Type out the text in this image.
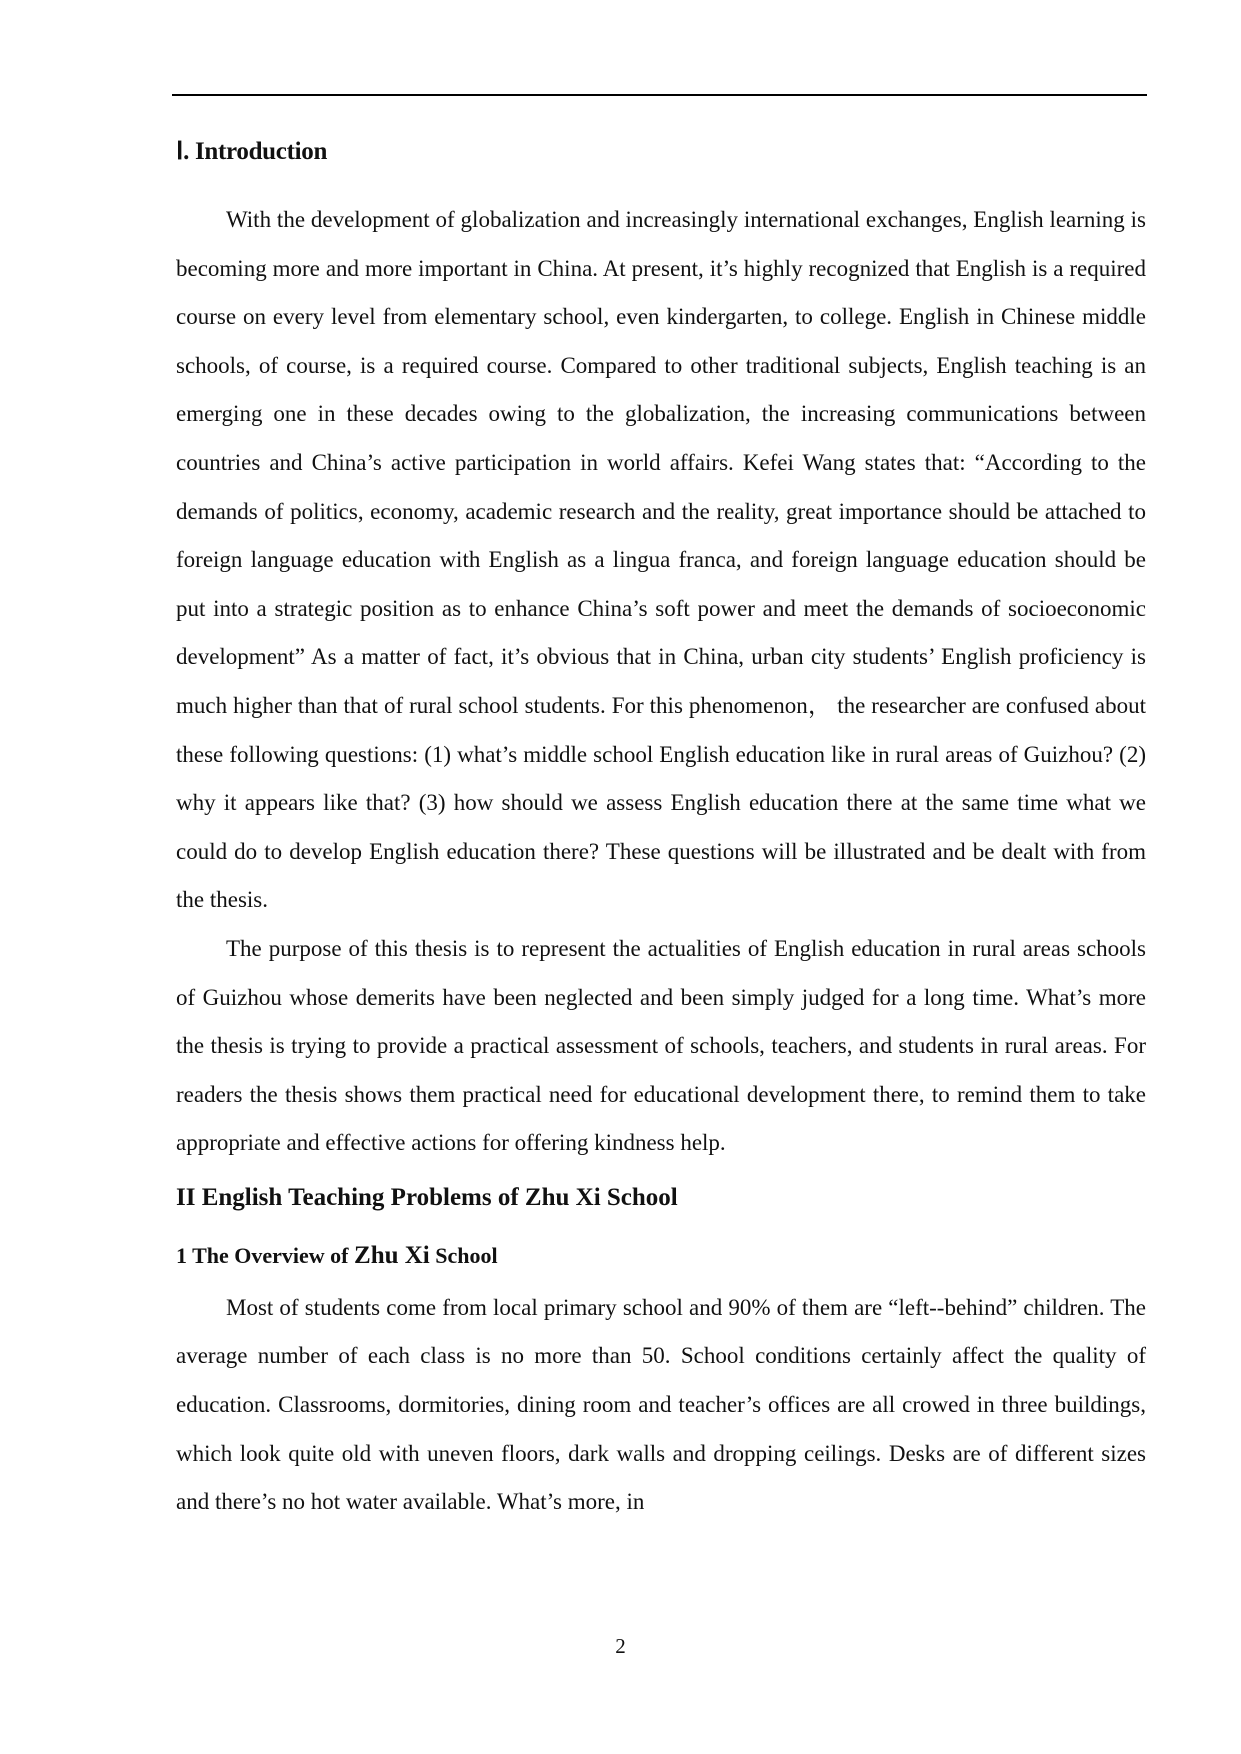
Ⅰ. Introduction

With the development of globalization and increasingly international exchanges, English learning is becoming more and more important in China. At present, it’s highly recognized that English is a required course on every level from elementary school, even kindergarten, to college. English in Chinese middle schools, of course, is a required course. Compared to other traditional subjects, English teaching is an emerging one in these decades owing to the globalization, the increasing communications between countries and China’s active participation in world affairs. Kefei Wang states that: “According to the demands of politics, economy, academic research and the reality, great importance should be attached to foreign language education with English as a lingua franca, and foreign language education should be put into a strategic position as to enhance China’s soft power and meet the demands of socioeconomic development” As a matter of fact, it’s obvious that in China, urban city students’ English proficiency is much higher than that of rural school students. For this phenomenon， the researcher are confused about these following questions: (1) what’s middle school English education like in rural areas of Guizhou? (2) why it appears like that? (3) how should we assess English education there at the same time what we could do to develop English education there? These questions will be illustrated and be dealt with from the thesis.

The purpose of this thesis is to represent the actualities of English education in rural areas schools of Guizhou whose demerits have been neglected and been simply judged for a long time. What’s more the thesis is trying to provide a practical assessment of schools, teachers, and students in rural areas. For readers the thesis shows them practical need for educational development there, to remind them to take appropriate and effective actions for offering kindness help.

II English Teaching Problems of Zhu Xi School
1 The Overview of Zhu Xi School

Most of students come from local primary school and 90% of them are “left--behind” children. The average number of each class is no more than 50. School conditions certainly affect the quality of education. Classrooms, dormitories, dining room and teacher’s offices are all crowed in three buildings, which look quite old with uneven floors, dark walls and dropping ceilings. Desks are of different sizes and there’s no hot water available. What’s more, in

2
